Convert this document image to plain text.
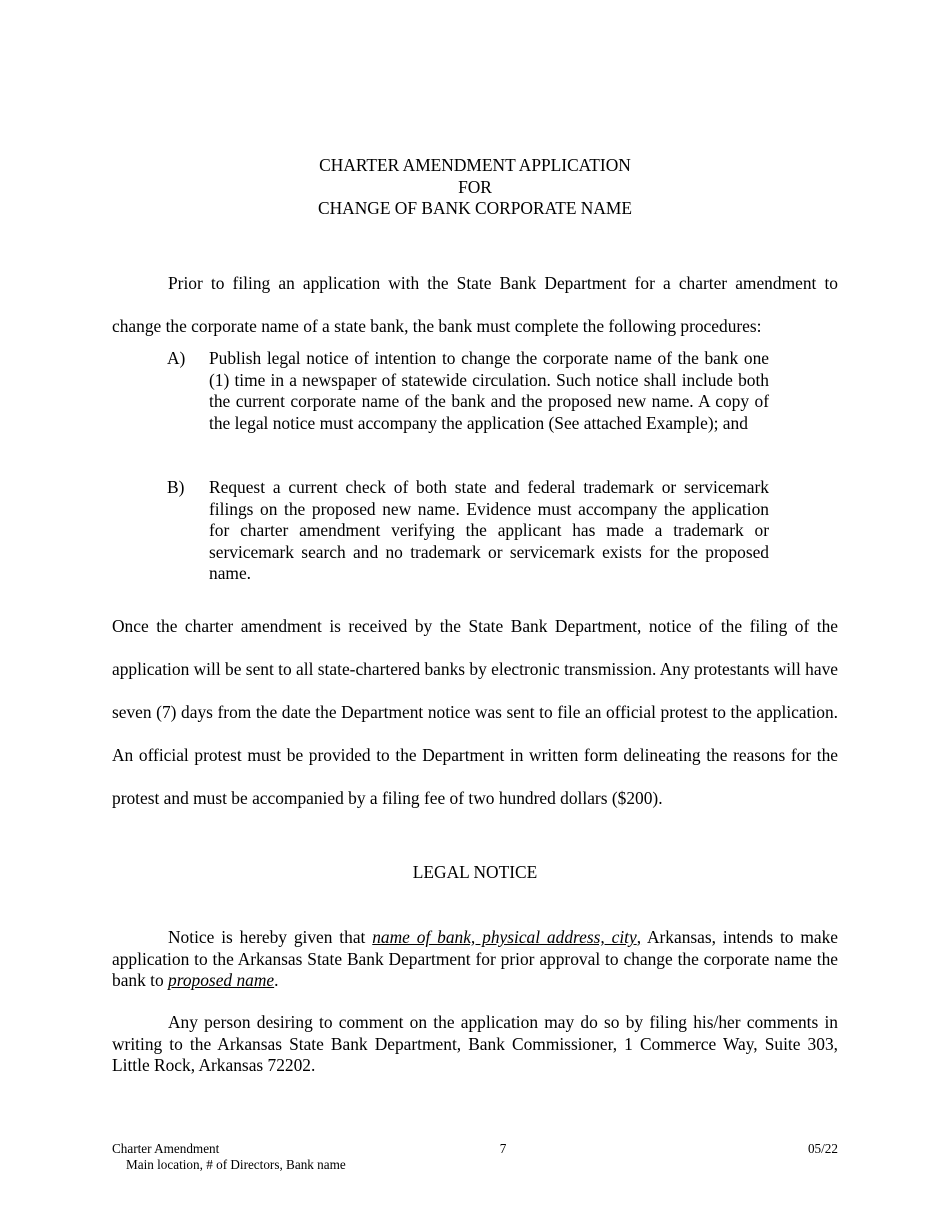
CHARTER AMENDMENT APPLICATION
FOR
CHANGE OF BANK CORPORATE NAME
Prior to filing an application with the State Bank Department for a charter amendment to change the corporate name of a state bank, the bank must complete the following procedures:
A) Publish legal notice of intention to change the corporate name of the bank one (1) time in a newspaper of statewide circulation. Such notice shall include both the current corporate name of the bank and the proposed new name. A copy of the legal notice must accompany the application (See attached Example); and
B) Request a current check of both state and federal trademark or servicemark filings on the proposed new name. Evidence must accompany the application for charter amendment verifying the applicant has made a trademark or servicemark search and no trademark or servicemark exists for the proposed name.
Once the charter amendment is received by the State Bank Department, notice of the filing of the application will be sent to all state-chartered banks by electronic transmission. Any protestants will have seven (7) days from the date the Department notice was sent to file an official protest to the application. An official protest must be provided to the Department in written form delineating the reasons for the protest and must be accompanied by a filing fee of two hundred dollars ($200).
LEGAL NOTICE
Notice is hereby given that name of bank, physical address, city, Arkansas, intends to make application to the Arkansas State Bank Department for prior approval to change the corporate name the bank to proposed name.
Any person desiring to comment on the application may do so by filing his/her comments in writing to the Arkansas State Bank Department, Bank Commissioner, 1 Commerce Way, Suite 303, Little Rock, Arkansas 72202.
Charter Amendment
Main location, # of Directors, Bank name
7	05/22
